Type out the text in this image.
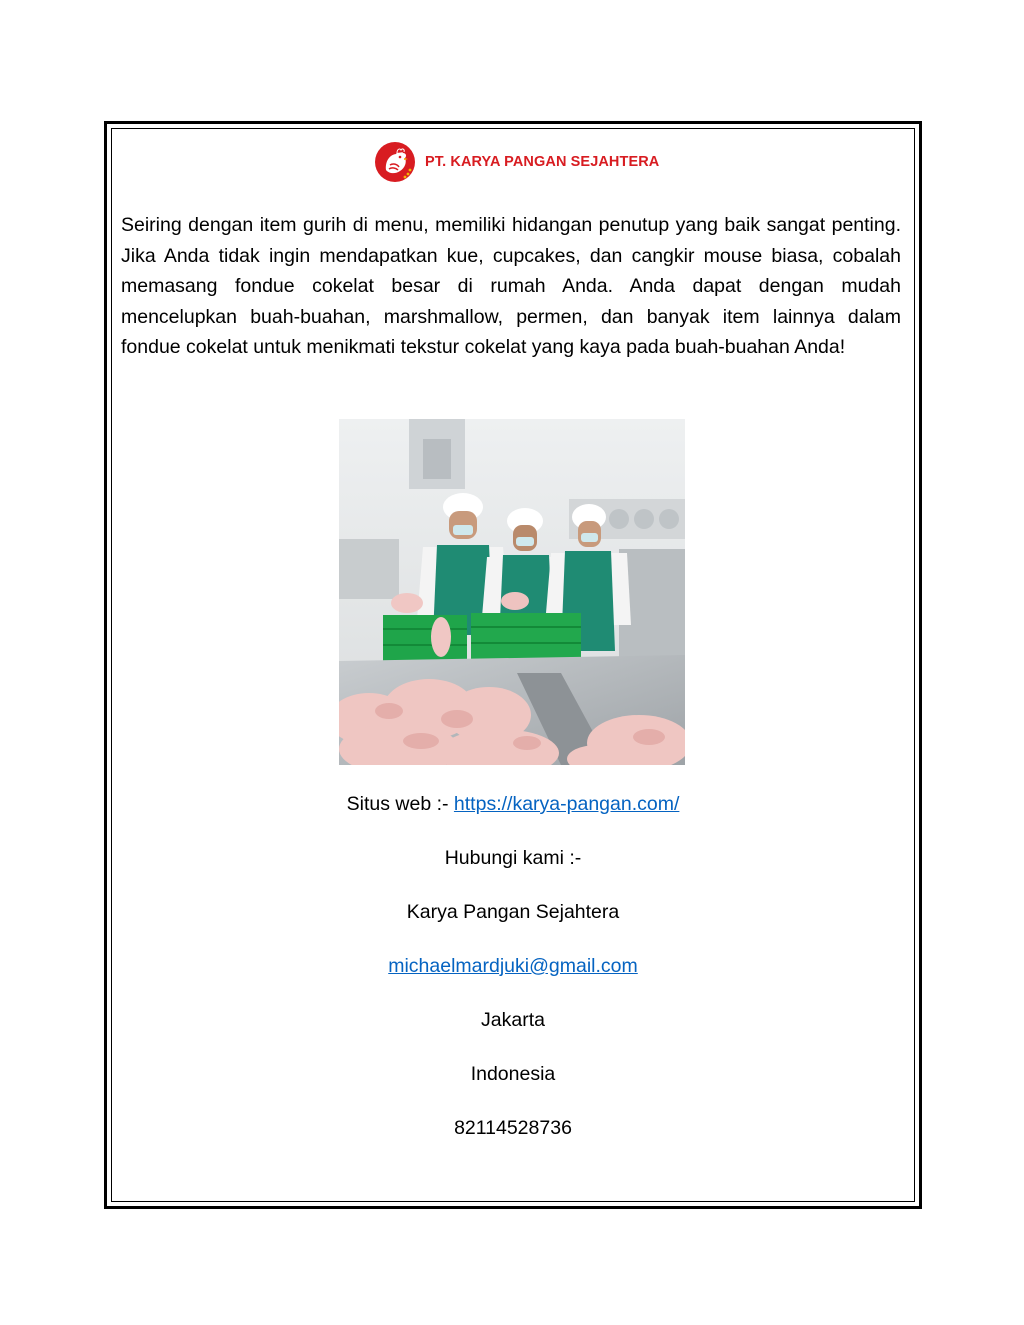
PT. KARYA PANGAN SEJAHTERA
Seiring dengan item gurih di menu, memiliki hidangan penutup yang baik sangat penting. Jika Anda tidak ingin mendapatkan kue, cupcakes, dan cangkir mouse biasa, cobalah memasang fondue cokelat besar di rumah Anda. Anda dapat dengan mudah mencelupkan buah-buahan, marshmallow, permen, dan banyak item lainnya dalam fondue cokelat untuk menikmati tekstur cokelat yang kaya pada buah-buahan Anda!
Situs web :- https://karya-pangan.com/
Hubungi kami :-
Karya Pangan Sejahtera
michaelmardjuki@gmail.com
Jakarta
Indonesia
82114528736
